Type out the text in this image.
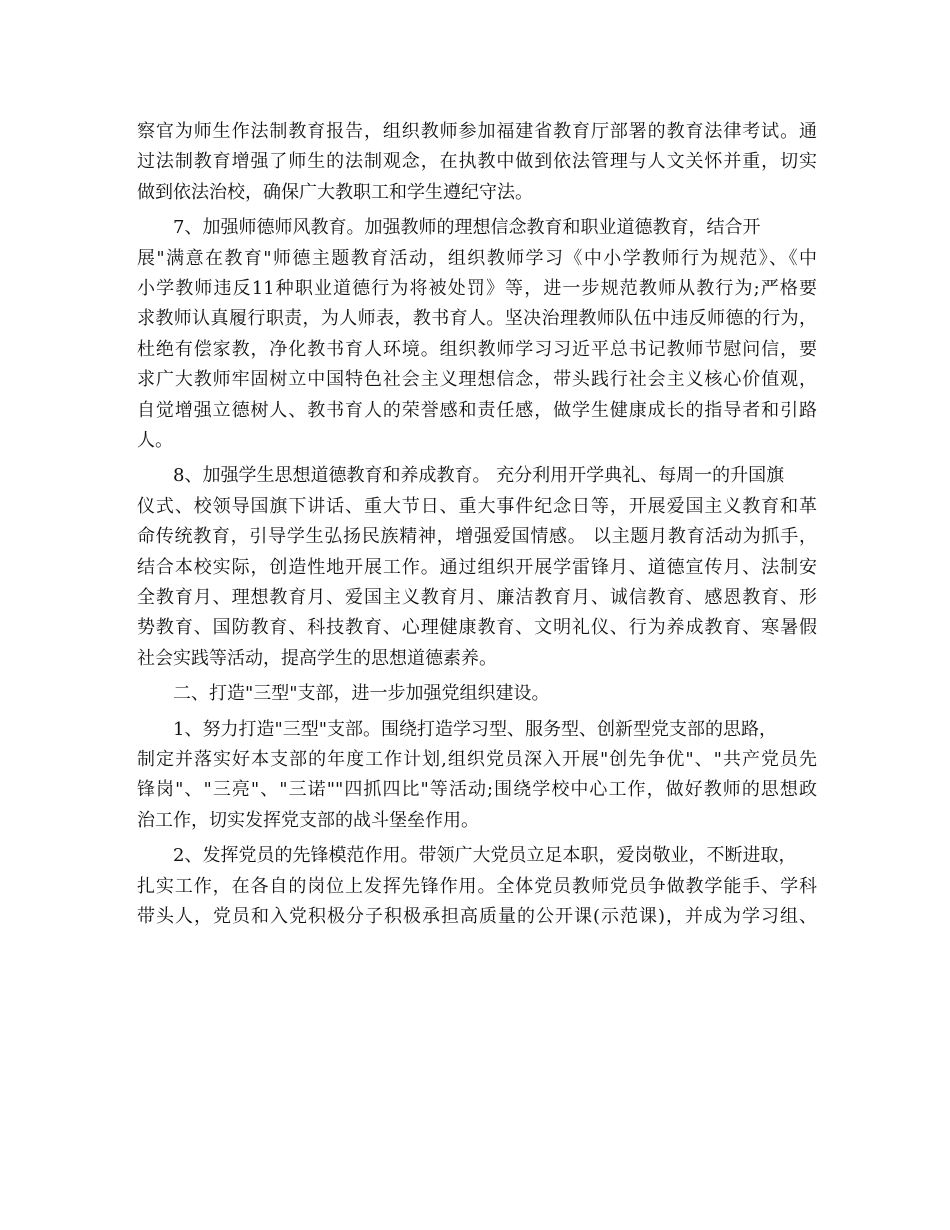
察官为师生作法制教育报告，组织教师参加福建省教育厅部署的教育法律考试。通
过法制教育增强了师生的法制观念，在执教中做到依法管理与人文关怀并重，切实
做到依法治校，确保广大教职工和学生遵纪守法。
7、加强师德师风教育。加强教师的理想信念教育和职业道德教育，结合开
展"满意在教育"师德主题教育活动，组织教师学习《中小学教师行为规范》、《中
小学教师违反11种职业道德行为将被处罚》等，进一步规范教师从教行为;严格要
求教师认真履行职责，为人师表，教书育人。坚决治理教师队伍中违反师德的行为，
杜绝有偿家教，净化教书育人环境。组织教师学习习近平总书记教师节慰问信，要
求广大教师牢固树立中国特色社会主义理想信念，带头践行社会主义核心价值观，
自觉增强立德树人、教书育人的荣誉感和责任感，做学生健康成长的指导者和引路
人。
8、加强学生思想道德教育和养成教育。 充分利用开学典礼、每周一的升国旗
仪式、校领导国旗下讲话、重大节日、重大事件纪念日等，开展爱国主义教育和革
命传统教育，引导学生弘扬民族精神，增强爱国情感。 以主题月教育活动为抓手，
结合本校实际，创造性地开展工作。通过组织开展学雷锋月、道德宣传月、法制安
全教育月、理想教育月、爱国主义教育月、廉洁教育月、诚信教育、感恩教育、形
势教育、国防教育、科技教育、心理健康教育、文明礼仪、行为养成教育、寒暑假
社会实践等活动，提高学生的思想道德素养。
二、打造"三型"支部，进一步加强党组织建设。
1、努力打造"三型"支部。围绕打造学习型、服务型、创新型党支部的思路，
制定并落实好本支部的年度工作计划,组织党员深入开展"创先争优"、"共产党员先
锋岗"、"三亮"、"三诺""四抓四比"等活动;围绕学校中心工作，做好教师的思想政
治工作，切实发挥党支部的战斗堡垒作用。
2、发挥党员的先锋模范作用。带领广大党员立足本职，爱岗敬业，不断进取，
扎实工作，在各自的岗位上发挥先锋作用。全体党员教师党员争做教学能手、学科
带头人，党员和入党积极分子积极承担高质量的公开课(示范课)，并成为学习组、
